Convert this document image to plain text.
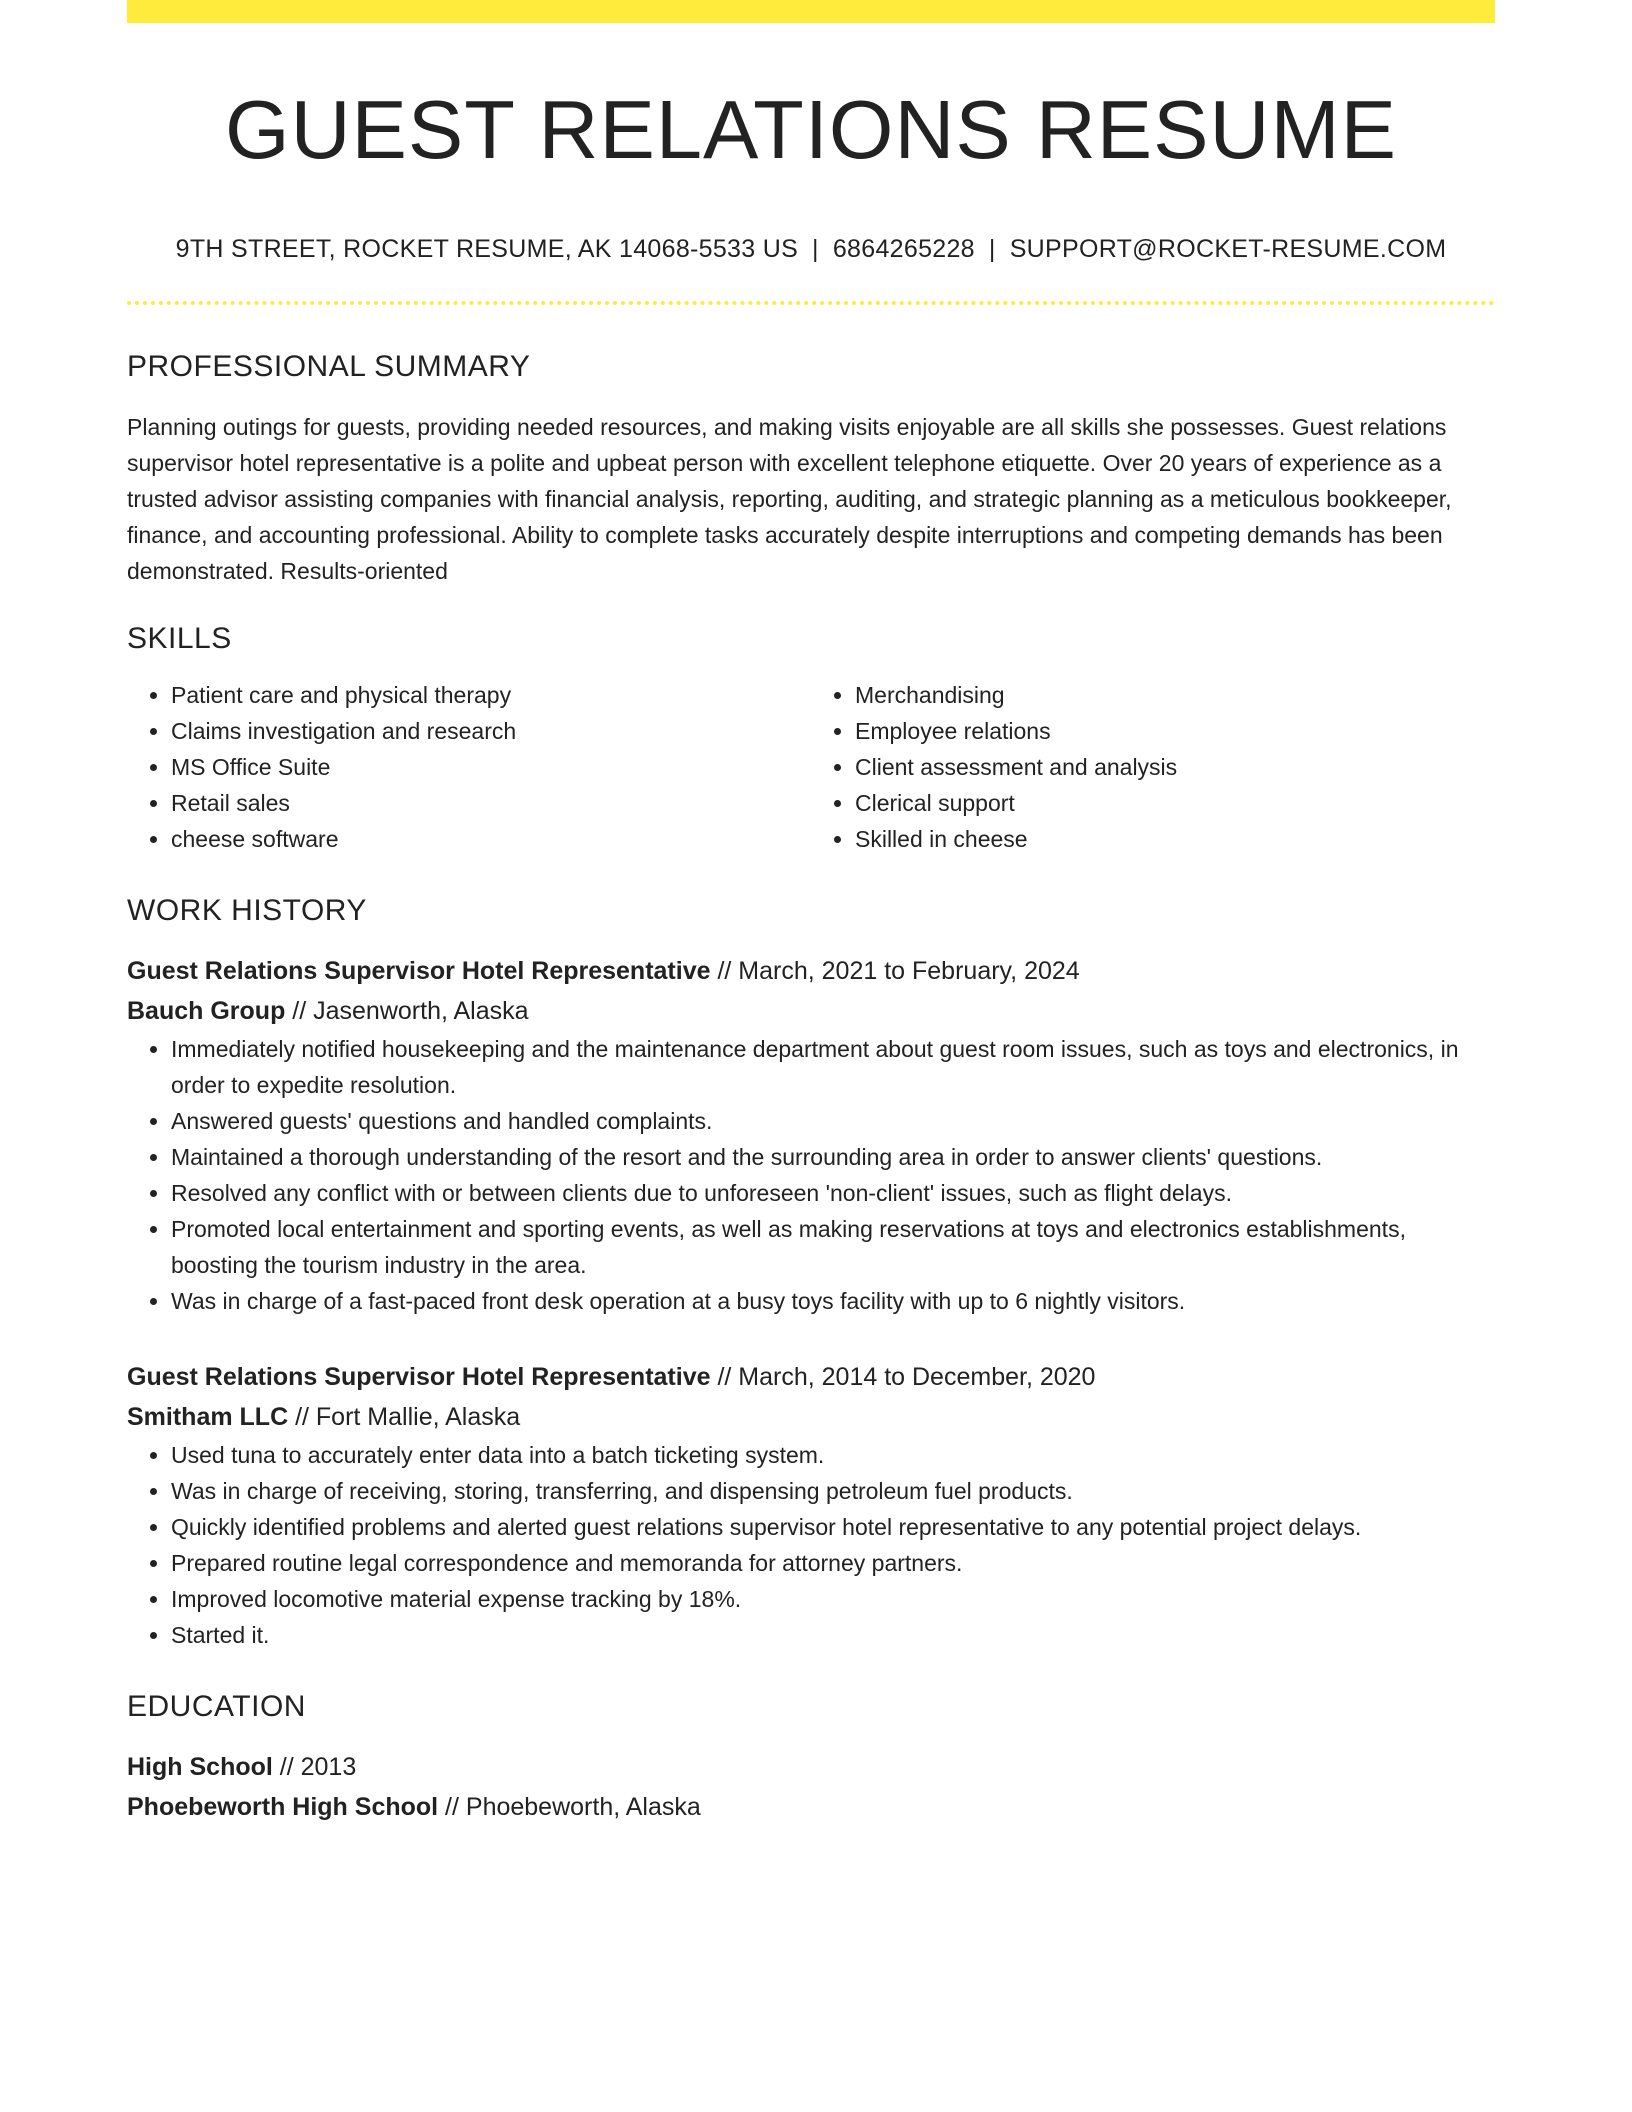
GUEST RELATIONS RESUME
9TH STREET, ROCKET RESUME, AK 14068-5533 US | 6864265228 | SUPPORT@ROCKET-RESUME.COM
PROFESSIONAL SUMMARY

Planning outings for guests, providing needed resources, and making visits enjoyable are all skills she possesses. Guest relations supervisor hotel representative is a polite and upbeat person with excellent telephone etiquette. Over 20 years of experience as a trusted advisor assisting companies with financial analysis, reporting, auditing, and strategic planning as a meticulous bookkeeper, finance, and accounting professional. Ability to complete tasks accurately despite interruptions and competing demands has been demonstrated. Results-oriented

SKILLS
• Patient care and physical therapy
• Claims investigation and research
• MS Office Suite
• Retail sales
• cheese software
• Merchandising
• Employee relations
• Client assessment and analysis
• Clerical support
• Skilled in cheese
WORK HISTORY
Guest Relations Supervisor Hotel Representative // March, 2021 to February, 2024
Bauch Group // Jasenworth, Alaska
• Immediately notified housekeeping and the maintenance department about guest room issues, such as toys and electronics, in order to expedite resolution.
• Answered guests' questions and handled complaints.
• Maintained a thorough understanding of the resort and the surrounding area in order to answer clients' questions.
• Resolved any conflict with or between clients due to unforeseen 'non-client' issues, such as flight delays.
• Promoted local entertainment and sporting events, as well as making reservations at toys and electronics establishments, boosting the tourism industry in the area.
• Was in charge of a fast-paced front desk operation at a busy toys facility with up to 6 nightly visitors.
Guest Relations Supervisor Hotel Representative // March, 2014 to December, 2020
Smitham LLC // Fort Mallie, Alaska
• Used tuna to accurately enter data into a batch ticketing system.
• Was in charge of receiving, storing, transferring, and dispensing petroleum fuel products.
• Quickly identified problems and alerted guest relations supervisor hotel representative to any potential project delays.
• Prepared routine legal correspondence and memoranda for attorney partners.
• Improved locomotive material expense tracking by 18%.
• Started it.
EDUCATION
High School // 2013
Phoebeworth High School // Phoebeworth, Alaska
